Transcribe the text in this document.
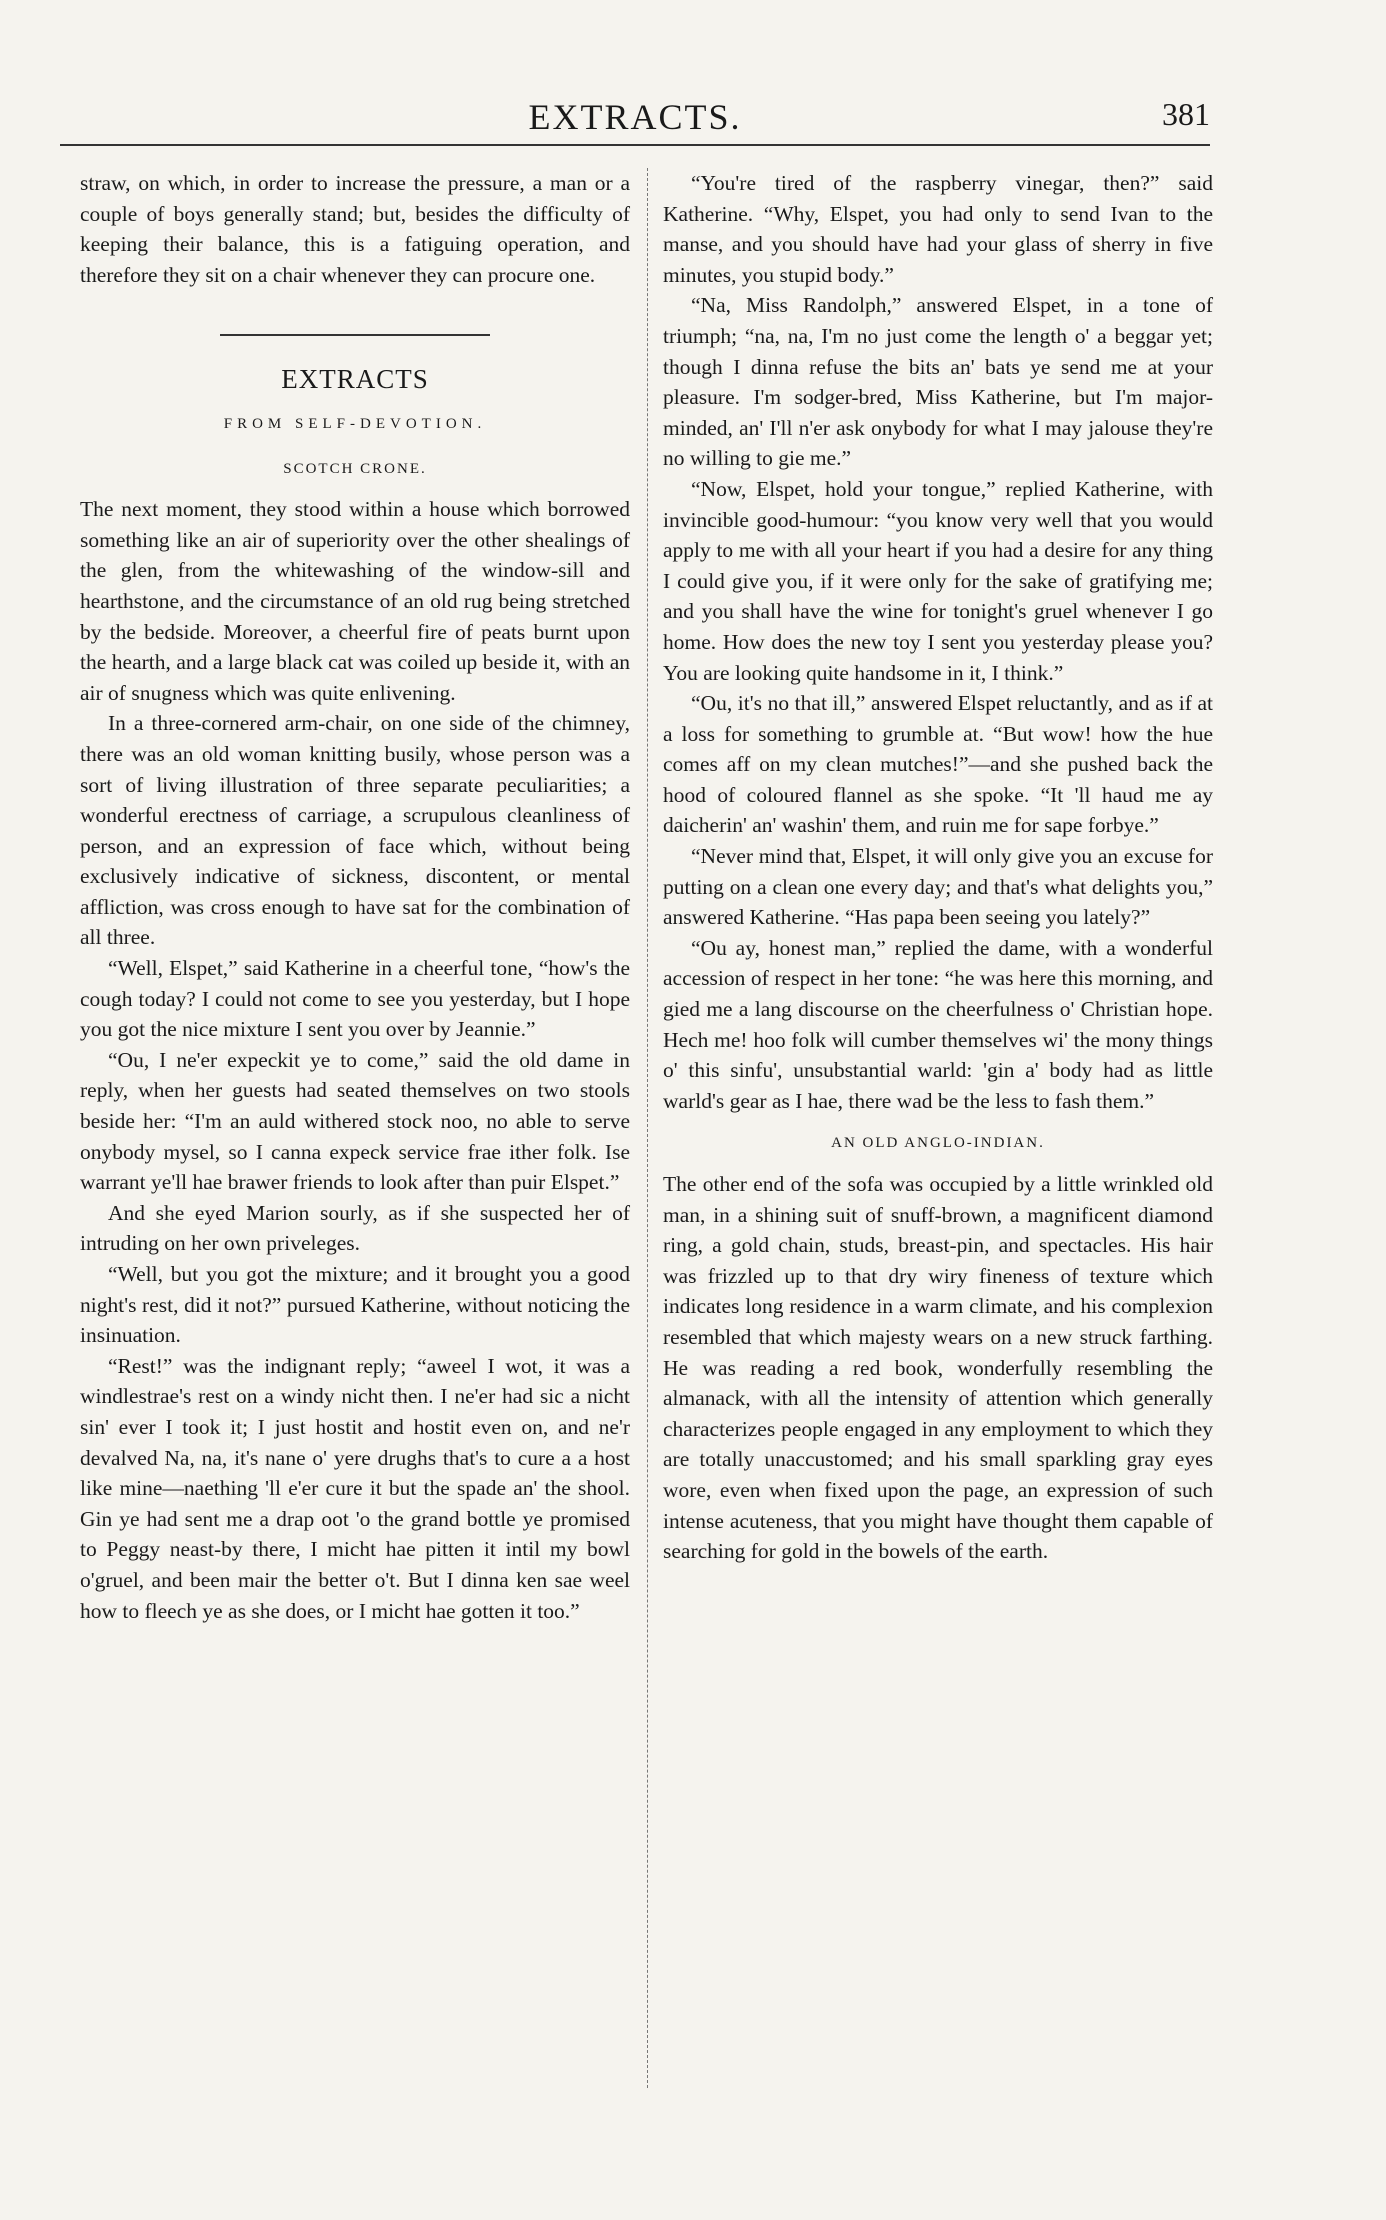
EXTRACTS.	381

straw, on which, in order to increase the pressure, a man or a couple of boys generally stand; but, besides the difficulty of keeping their balance, this is a fatiguing operation, and therefore they sit on a chair whenever they can procure one.

EXTRACTS
FROM SELF-DEVOTION.
SCOTCH CRONE.

The next moment, they stood within a house which borrowed something like an air of superiority over the other shealings of the glen, from the whitewashing of the window-sill and hearthstone, and the circumstance of an old rug being stretched by the bedside. Moreover, a cheerful fire of peats burnt upon the hearth, and a large black cat was coiled up beside it, with an air of snugness which was quite enlivening.

In a three-cornered arm-chair, on one side of the chimney, there was an old woman knitting busily, whose person was a sort of living illustration of three separate peculiarities; a wonderful erectness of carriage, a scrupulous cleanliness of person, and an expression of face which, without being exclusively indicative of sickness, discontent, or mental affliction, was cross enough to have sat for the combination of all three.

“Well, Elspet,” said Katherine in a cheerful tone, “how's the cough today? I could not come to see you yesterday, but I hope you got the nice mixture I sent you over by Jeannie.”

“Ou, I ne'er expeckit ye to come,” said the old dame in reply, when her guests had seated themselves on two stools beside her: “I'm an auld withered stock noo, no able to serve onybody mysel, so I canna expeck service frae ither folk. Ise warrant ye'll hae brawer friends to look after than puir Elspet.”

And she eyed Marion sourly, as if she suspected her of intruding on her own priveleges.

“Well, but you got the mixture; and it brought you a good night's rest, did it not?” pursued Katherine, without noticing the insinuation.

“Rest!” was the indignant reply; “aweel I wot, it was a windlestrae's rest on a windy nicht then. I ne'er had sic a nicht sin' ever I took it; I just hostit and hostit even on, and ne'r devalved Na, na, it's nane o' yere drughs that's to cure a a host like mine—naething 'll e'er cure it but the spade an' the shool. Gin ye had sent me a drap oot 'o the grand bottle ye promised to Peggy neast-by there, I micht hae pitten it intil my bowl o'gruel, and been mair the better o't. But I dinna ken sae weel how to fleech ye as she does, or I micht hae gotten it too.”

“You're tired of the raspberry vinegar, then?” said Katherine. “Why, Elspet, you had only to send Ivan to the manse, and you should have had your glass of sherry in five minutes, you stupid body.”

“Na, Miss Randolph,” answered Elspet, in a tone of triumph; “na, na, I'm no just come the length o' a beggar yet; though I dinna refuse the bits an' bats ye send me at your pleasure. I'm sodger-bred, Miss Katherine, but I'm major-minded, an' I'll n'er ask onybody for what I may jalouse they're no willing to gie me.”

“Now, Elspet, hold your tongue,” replied Katherine, with invincible good-humour: “you know very well that you would apply to me with all your heart if you had a desire for any thing I could give you, if it were only for the sake of gratifying me; and you shall have the wine for tonight's gruel whenever I go home. How does the new toy I sent you yesterday please you? You are looking quite handsome in it, I think.”

“Ou, it's no that ill,” answered Elspet reluctantly, and as if at a loss for something to grumble at. “But wow! how the hue comes aff on my clean mutches!”—and she pushed back the hood of coloured flannel as she spoke. “It 'll haud me ay daicherin' an' washin' them, and ruin me for sape forbye.”

“Never mind that, Elspet, it will only give you an excuse for putting on a clean one every day; and that's what delights you,” answered Katherine. “Has papa been seeing you lately?”

“Ou ay, honest man,” replied the dame, with a wonderful accession of respect in her tone: “he was here this morning, and gied me a lang discourse on the cheerfulness o' Christian hope. Hech me! hoo folk will cumber themselves wi' the mony things o' this sinfu', unsubstantial warld: 'gin a' body had as little warld's gear as I hae, there wad be the less to fash them.”

AN OLD ANGLO-INDIAN.

The other end of the sofa was occupied by a little wrinkled old man, in a shining suit of snuff-brown, a magnificent diamond ring, a gold chain, studs, breast-pin, and spectacles. His hair was frizzled up to that dry wiry fineness of texture which indicates long residence in a warm climate, and his complexion resembled that which majesty wears on a new struck farthing. He was reading a red book, wonderfully resembling the almanack, with all the intensity of attention which generally characterizes people engaged in any employment to which they are totally unaccustomed; and his small sparkling gray eyes wore, even when fixed upon the page, an expression of such intense acuteness, that you might have thought them capable of searching for gold in the bowels of the earth.
